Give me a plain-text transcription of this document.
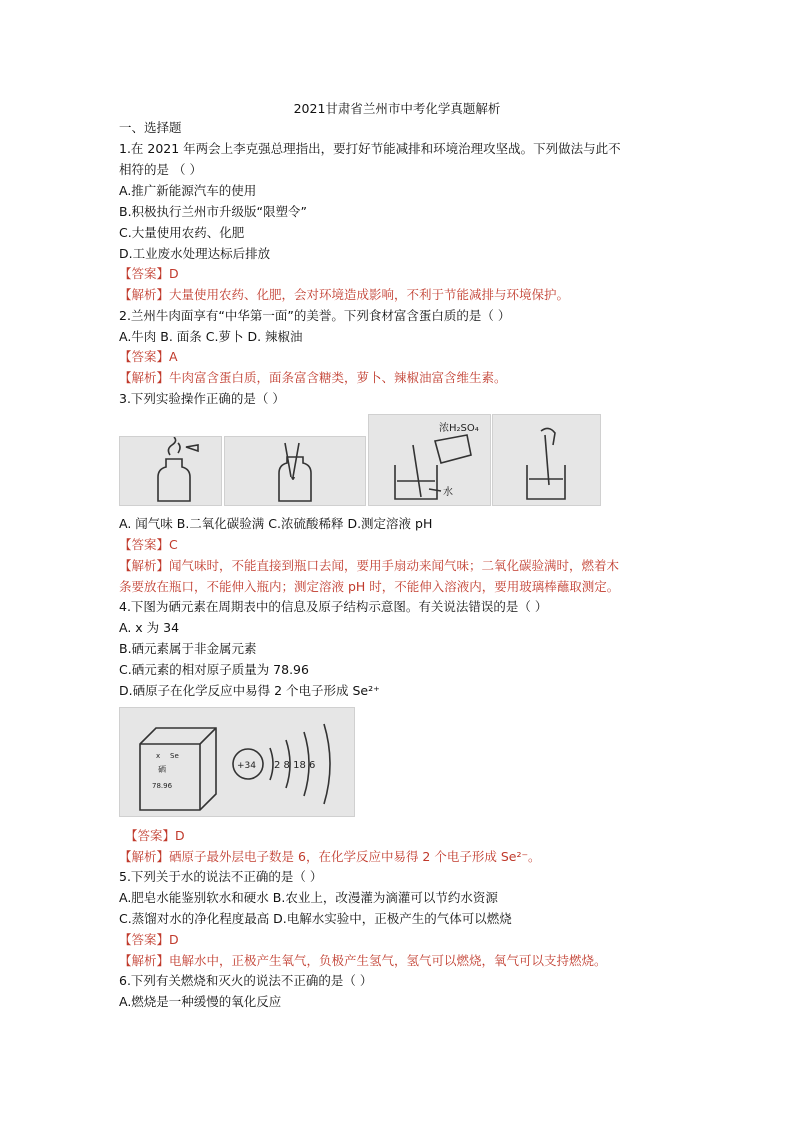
2021甘肃省兰州市中考化学真题解析
一、选择题
1.在 2021 年两会上李克强总理指出，要打好节能减排和环境治理攻坚战。下列做法与此不
相符的是 （ ）
A.推广新能源汽车的使用
B.积极执行兰州市升级版“限塑令”
C.大量使用农药、化肥
D.工业废水处理达标后排放
【答案】D
【解析】大量使用农药、化肥，会对环境造成影响，不利于节能减排与环境保护。
2.兰州牛肉面享有“中华第一面”的美誉。下列食材富含蛋白质的是（ ）
A.牛肉 B. 面条 C.萝卜 D. 辣椒油
【答案】A
【解析】牛肉富含蛋白质，面条富含糖类，萝卜、辣椒油富含维生素。
3.下列实验操作正确的是（ ）
浓H₂SO₄
水
A. 闻气味 B.二氧化碳验满 C.浓硫酸稀释 D.测定溶液 pH
【答案】C
【解析】闻气味时，不能直接到瓶口去闻，要用手扇动来闻气味；二氧化碳验满时，燃着木
条要放在瓶口，不能伸入瓶内；测定溶液 pH 时，不能伸入溶液内，要用玻璃棒蘸取测定。
4.下图为硒元素在周期表中的信息及原子结构示意图。有关说法错误的是（ ）
A. x 为 34
B.硒元素属于非金属元素
C.硒元素的相对原子质量为 78.96
D.硒原子在化学反应中易得 2 个电子形成 Se²⁺
x Se
硒
78.96
+34 2 8 18 6
【答案】D
【解析】硒原子最外层电子数是 6，在化学反应中易得 2 个电子形成 Se²⁻。
5.下列关于水的说法不正确的是（ ）
A.肥皂水能鉴别软水和硬水 B.农业上，改漫灌为滴灌可以节约水资源
C.蒸馏对水的净化程度最高 D.电解水实验中，正极产生的气体可以燃烧
【答案】D
【解析】电解水中，正极产生氧气，负极产生氢气，氢气可以燃烧，氧气可以支持燃烧。
6.下列有关燃烧和灭火的说法不正确的是（ ）
A.燃烧是一种缓慢的氧化反应
